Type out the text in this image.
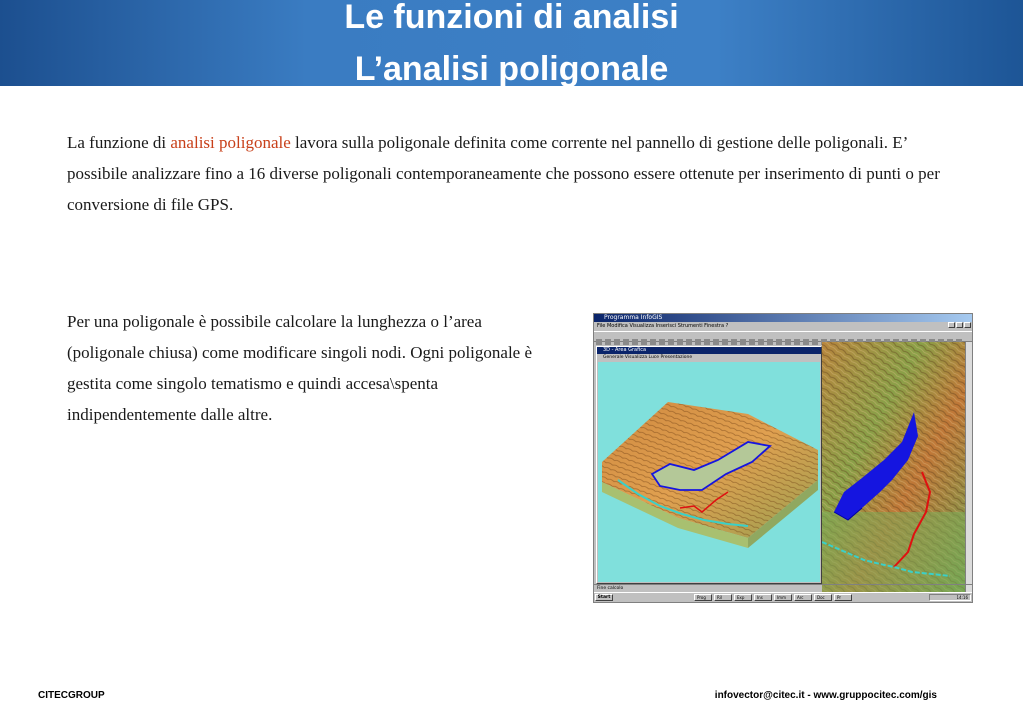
Le funzioni di analisi
L’analisi poligonale

La funzione di analisi poligonale lavora sulla poligonale definita come corrente nel pannello di gestione delle poligonali. E’ possibile analizzare fino a 16 diverse poligonali contemporaneamente che possono essere ottenute per inserimento di punti o per conversione di file GPS.

Per una poligonale è possibile calcolare la lunghezza o l’area (poligonale chiusa) come modificare singoli nodi. Ogni poligonale è gestita come singolo tematismo e quindi accesa\spenta indipendentemente dalle altre.

Programma InfoGIS
File Modifica Visualizza Inserisci Strumenti Finestra ?
3D - Area Grafica
Generale Visualizza Luce Presentazione
Fine calcolo
Start	Prog	Ril	Exp	Ins	Imm	Arc	Doc	Pr	14:16
CITECGROUP	infovector@citec.it - www.gruppocitec.com/gis
